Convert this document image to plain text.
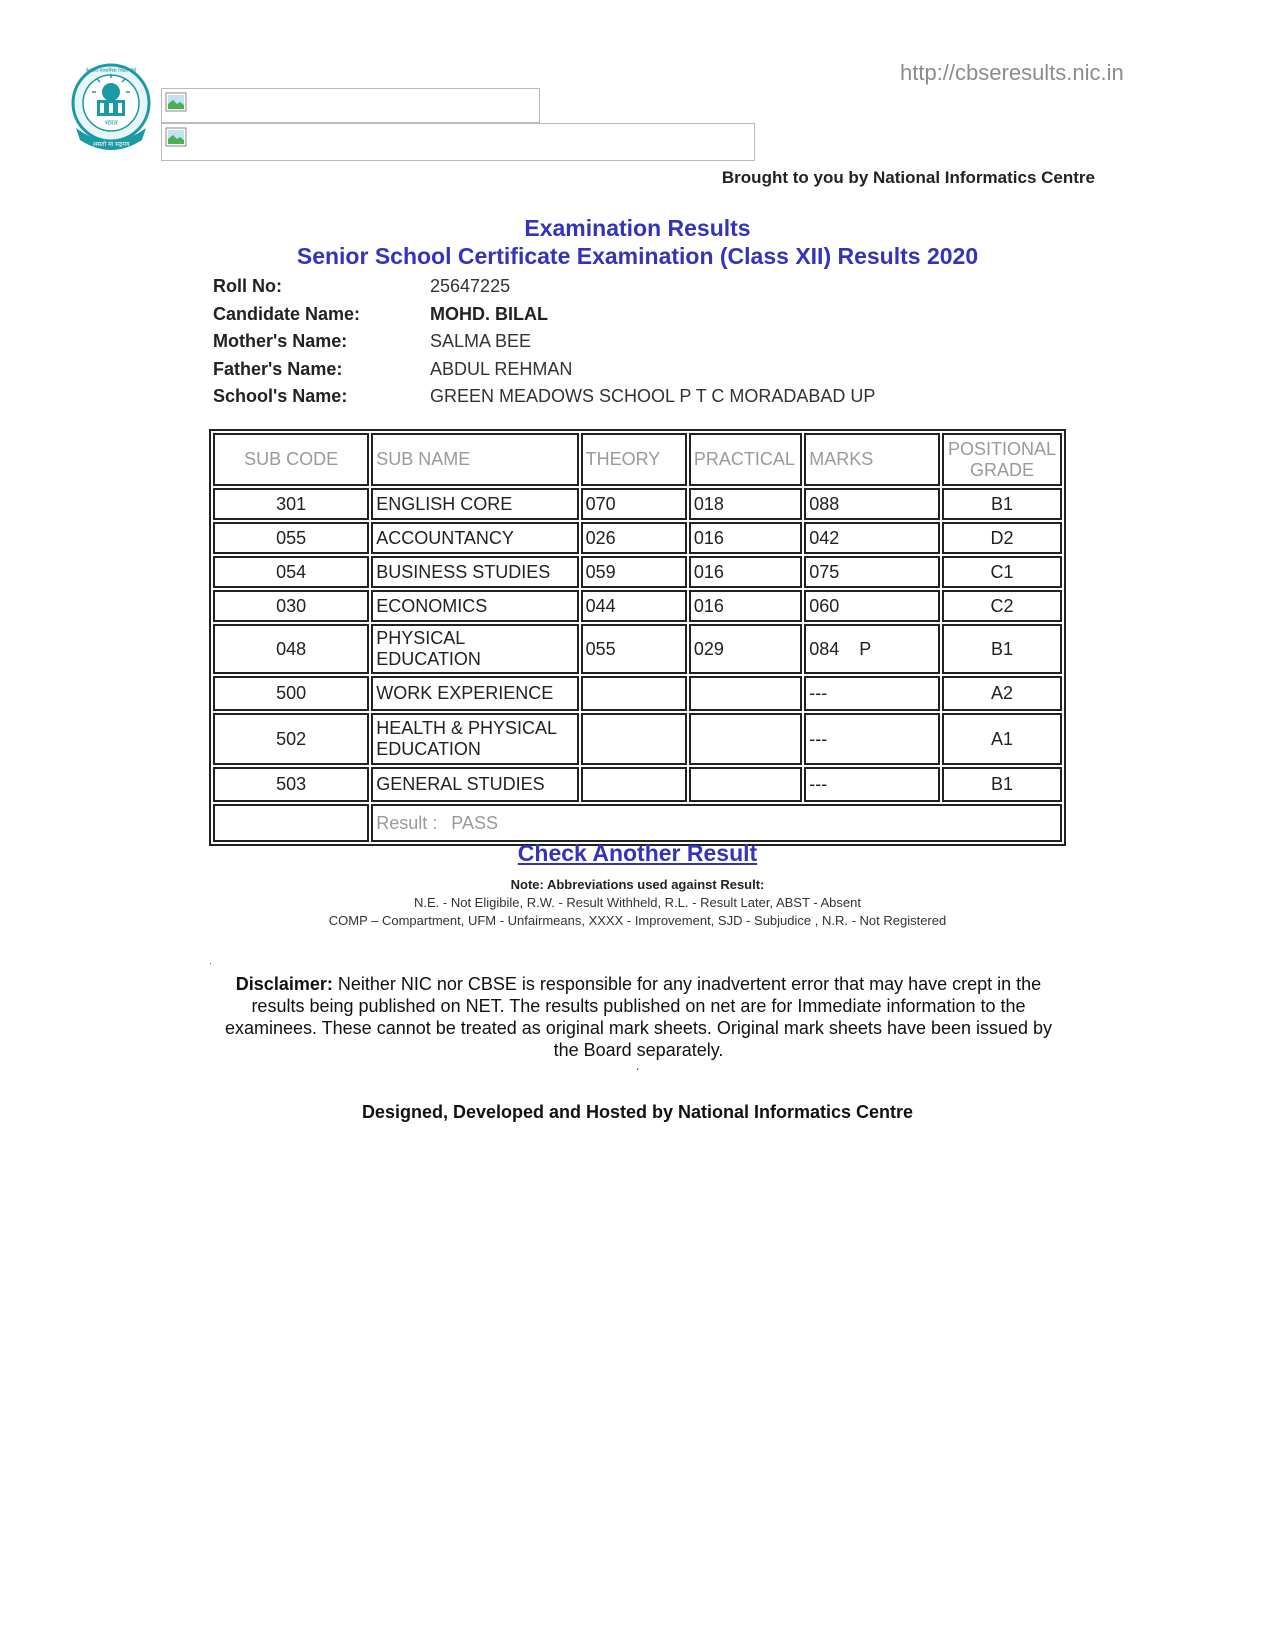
भारत
असतो मा सद्गमय
केन्द्रीय माध्यमिक शिक्षा बोर्ड	http://cbseresults.nic.in
Brought to you by National Informatics Centre
Examination Results
Senior School Certificate Examination (Class XII) Results 2020
Roll No:	25647225
Candidate Name:	MOHD. BILAL
Mother's Name:	SALMA BEE
Father's Name:	ABDUL REHMAN
School's Name:	GREEN MEADOWS SCHOOL P T C MORADABAD UP
SUB CODE	SUB NAME	THEORY	PRACTICAL	MARKS	POSITIONAL GRADE
301	ENGLISH CORE	070	018	088	B1
055	ACCOUNTANCY	026	016	042	D2
054	BUSINESS STUDIES	059	016	075	C1
030	ECONOMICS	044	016	060	C2
048	PHYSICAL EDUCATION	055	029	084 P	B1
500	WORK EXPERIENCE			---	A2
502	HEALTH & PHYSICAL EDUCATION			---	A1
503	GENERAL STUDIES			---	B1
	Result : PASS				
Check Another Result
Note: Abbreviations used against Result:
N.E. - Not Eligibile, R.W. - Result Withheld, R.L. - Result Later, ABST - Absent
COMP – Compartment, UFM - Unfairmeans, XXXX - Improvement, SJD - Subjudice , N.R. - Not Registered
·
Disclaimer: Neither NIC nor CBSE is responsible for any inadvertent error that may have crept in the results being published on NET. The results published on net are for Immediate information to the examinees. These cannot be treated as original mark sheets. Original mark sheets have been issued by the Board separately.
.
Designed, Developed and Hosted by National Informatics Centre
